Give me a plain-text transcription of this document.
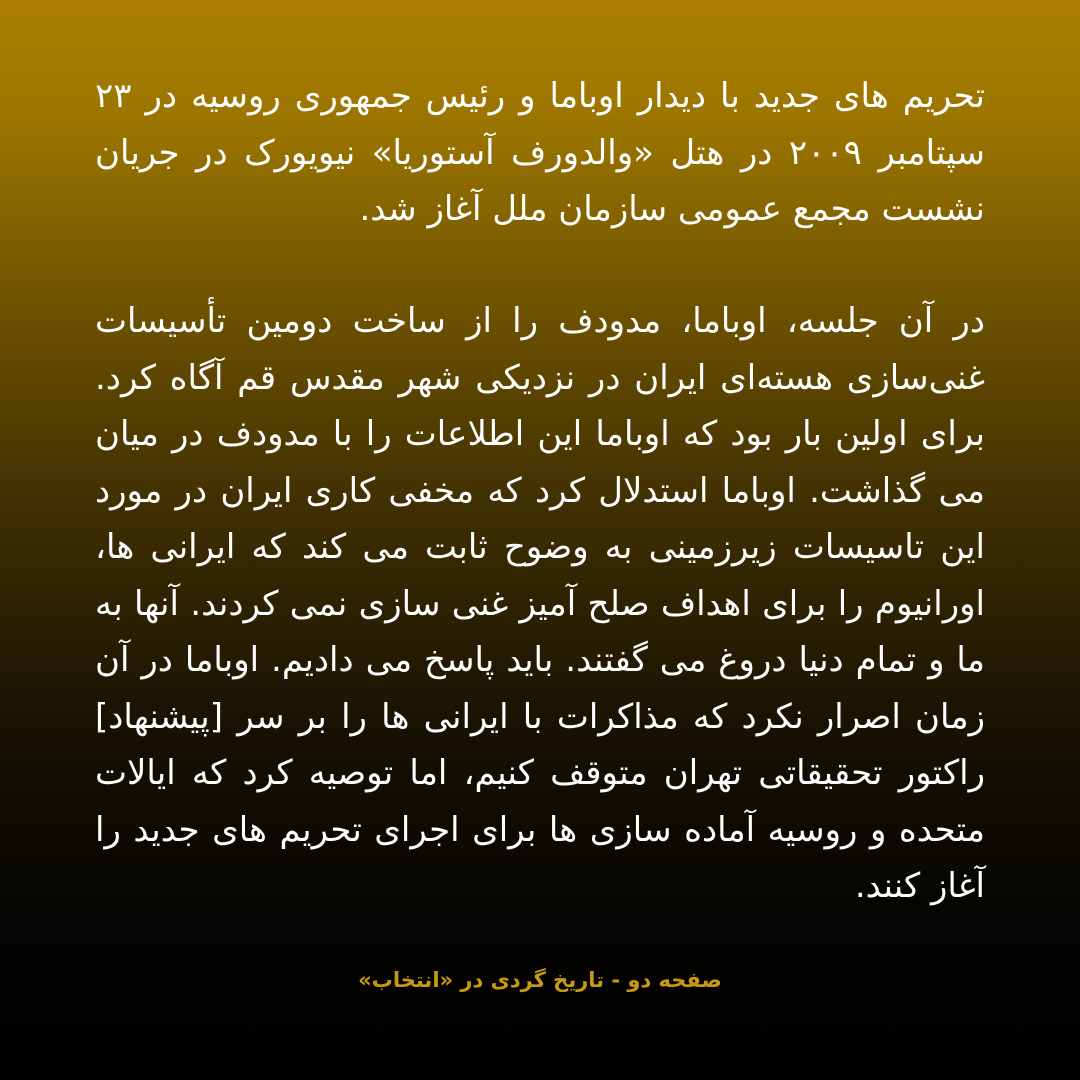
تحریم های جدید با دیدار اوباما و رئیس جمهوری روسیه در ۲۳ سپتامبر ۲۰۰۹ در هتل «والدورف آستوریا» نیویورک در جریان نشست مجمع عمومی سازمان ملل آغاز شد.

در آن جلسه، اوباما، مدودف را از ساخت دومین تأسیسات غنی‌سازی هسته‌ای ایران در نزدیکی شهر مقدس قم آگاه کرد. برای اولین بار بود که اوباما این اطلاعات را با مدودف در میان می گذاشت. اوباما استدلال کرد که مخفی کاری ایران در مورد این تاسیسات زیرزمینی به وضوح ثابت می کند که ایرانی ها، اورانیوم را برای اهداف صلح آمیز غنی سازی نمی کردند. آنها به ما و تمام دنیا دروغ می گفتند. باید پاسخ می دادیم. اوباما در آن زمان اصرار نکرد که مذاکرات با ایرانی ها را بر سر [پیشنهاد] راکتور تحقیقاتی تهران متوقف کنیم، اما توصیه کرد که ایالات متحده و روسیه آماده سازی ها برای اجرای تحریم های جدید را آغاز کنند.

صفحه دو - تاریخ گردی در «انتخاب»
